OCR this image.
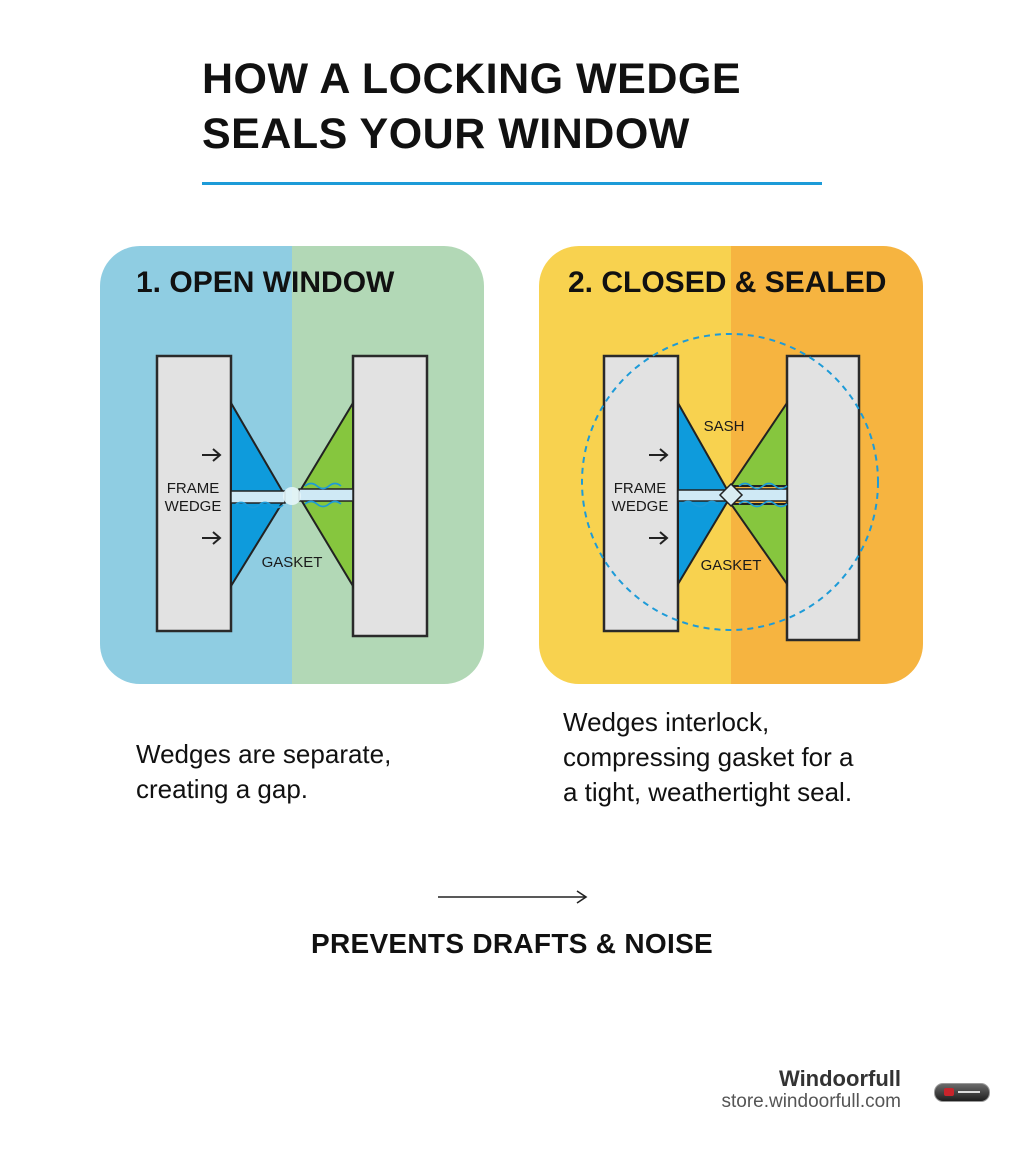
HOW A LOCKING WEDGE
SEALS YOUR WINDOW
1. OPEN WINDOW
FRAME
WEDGE
GASKET
2. CLOSED & SEALED
SASH
FRAME
WEDGE
GASKET

Wedges are separate,
creating a gap.

Wedges interlock,
compressing gasket for a
a tight, weathertight seal.

PREVENTS DRAFTS & NOISE
Windoorfull
store.windoorfull.com
